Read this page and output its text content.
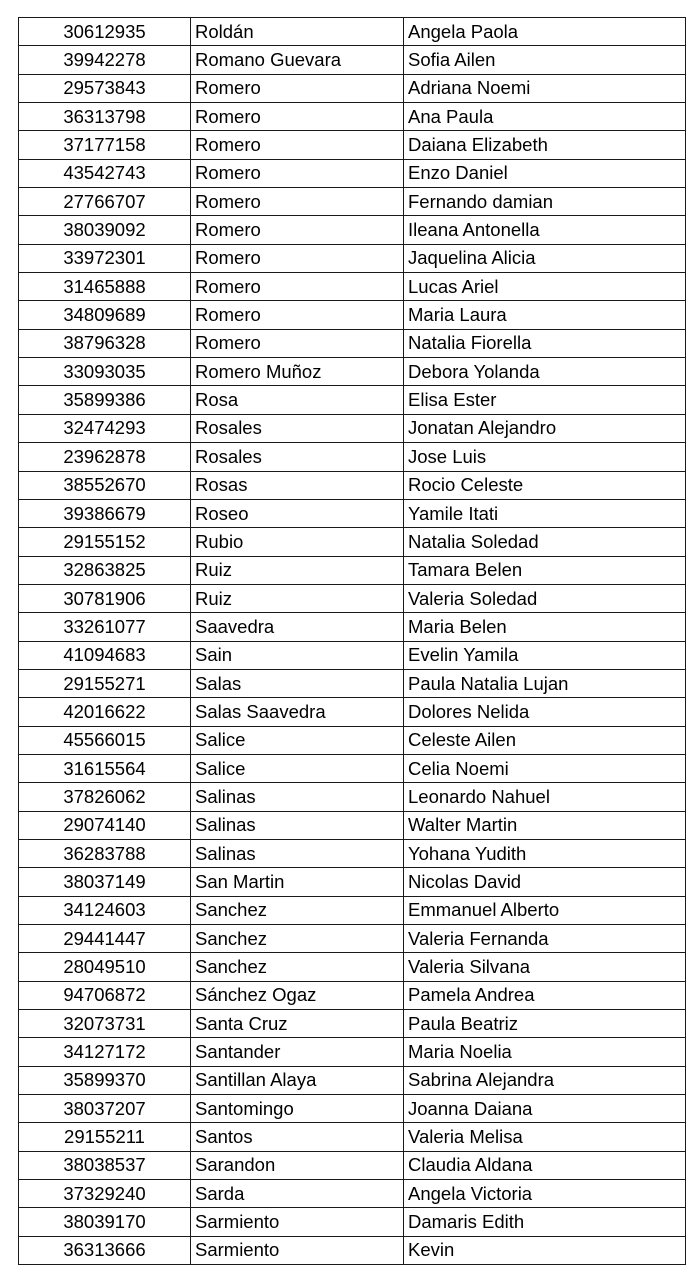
30612935	Roldán	Angela Paola
39942278	Romano Guevara	Sofia Ailen
29573843	Romero	Adriana Noemi
36313798	Romero	Ana Paula
37177158	Romero	Daiana Elizabeth
43542743	Romero	Enzo Daniel
27766707	Romero	Fernando damian
38039092	Romero	Ileana Antonella
33972301	Romero	Jaquelina Alicia
31465888	Romero	Lucas Ariel
34809689	Romero	Maria Laura
38796328	Romero	Natalia Fiorella
33093035	Romero Muñoz	Debora Yolanda
35899386	Rosa	Elisa Ester
32474293	Rosales	Jonatan Alejandro
23962878	Rosales	Jose Luis
38552670	Rosas	Rocio Celeste
39386679	Roseo	Yamile Itati
29155152	Rubio	Natalia Soledad
32863825	Ruiz	Tamara Belen
30781906	Ruiz	Valeria Soledad
33261077	Saavedra	Maria Belen
41094683	Sain	Evelin Yamila
29155271	Salas	Paula Natalia Lujan
42016622	Salas Saavedra	Dolores Nelida
45566015	Salice	Celeste Ailen
31615564	Salice	Celia Noemi
37826062	Salinas	Leonardo Nahuel
29074140	Salinas	Walter Martin
36283788	Salinas	Yohana Yudith
38037149	San Martin	Nicolas David
34124603	Sanchez	Emmanuel Alberto
29441447	Sanchez	Valeria Fernanda
28049510	Sanchez	Valeria Silvana
94706872	Sánchez Ogaz	Pamela Andrea
32073731	Santa Cruz	Paula Beatriz
34127172	Santander	Maria Noelia
35899370	Santillan Alaya	Sabrina Alejandra
38037207	Santomingo	Joanna Daiana
29155211	Santos	Valeria Melisa
38038537	Sarandon	Claudia Aldana
37329240	Sarda	Angela Victoria
38039170	Sarmiento	Damaris Edith
36313666	Sarmiento	Kevin
